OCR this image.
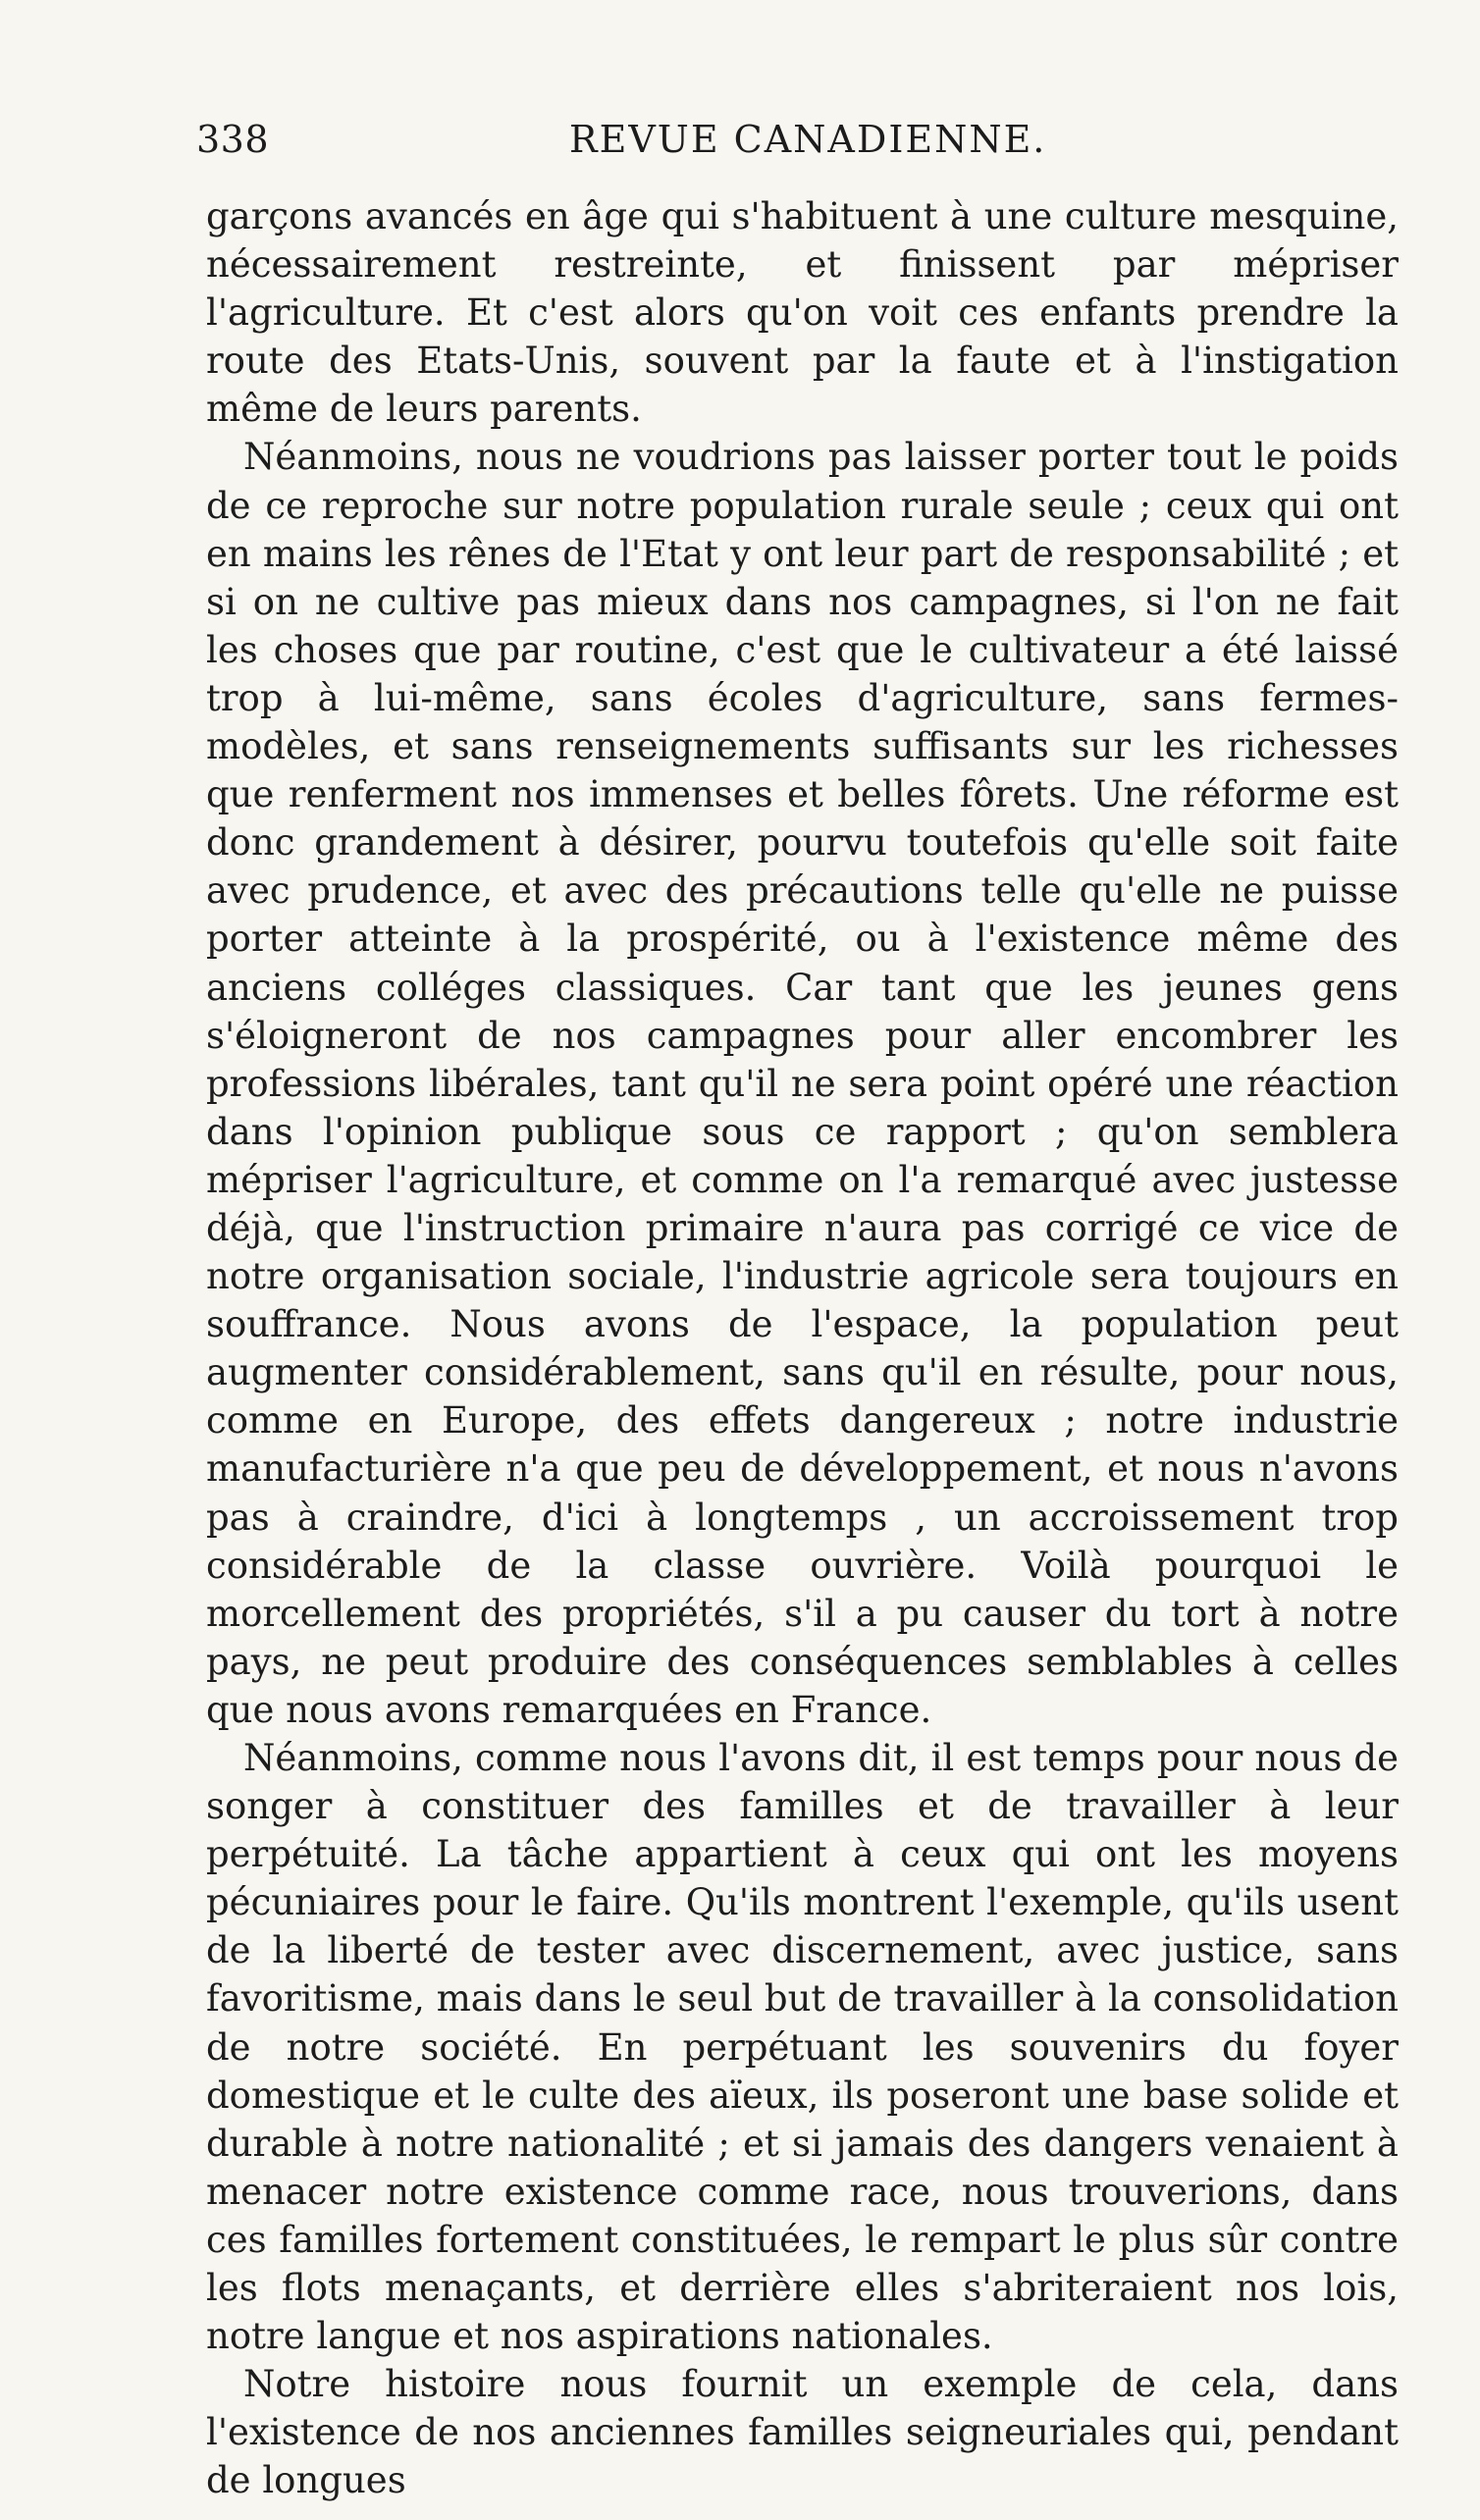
338	REVUE CANADIENNE.

garçons avancés en âge qui s'habituent à une culture mesquine, nécessairement restreinte, et finissent par mépriser l'agriculture. Et c'est alors qu'on voit ces enfants prendre la route des Etats-Unis, souvent par la faute et à l'instigation même de leurs parents.

Néanmoins, nous ne voudrions pas laisser porter tout le poids de ce reproche sur notre population rurale seule ; ceux qui ont en mains les rênes de l'Etat y ont leur part de responsabilité ; et si on ne cultive pas mieux dans nos campagnes, si l'on ne fait les choses que par routine, c'est que le cultivateur a été laissé trop à lui-même, sans écoles d'agriculture, sans fermes-modèles, et sans renseignements suffisants sur les richesses que renferment nos immenses et belles fôrets. Une réforme est donc grandement à désirer, pourvu toutefois qu'elle soit faite avec prudence, et avec des précautions telle qu'elle ne puisse porter atteinte à la prospérité, ou à l'existence même des anciens colléges classiques. Car tant que les jeunes gens s'éloigneront de nos campagnes pour aller encombrer les professions libérales, tant qu'il ne sera point opéré une réaction dans l'opinion publique sous ce rapport ; qu'on semblera mépriser l'agriculture, et comme on l'a remarqué avec justesse déjà, que l'instruction primaire n'aura pas corrigé ce vice de notre organisation sociale, l'industrie agricole sera toujours en souffrance. Nous avons de l'espace, la population peut augmenter considérablement, sans qu'il en résulte, pour nous, comme en Europe, des effets dangereux ; notre industrie manufacturière n'a que peu de développement, et nous n'avons pas à craindre, d'ici à longtemps , un accroissement trop considérable de la classe ouvrière. Voilà pourquoi le morcellement des propriétés, s'il a pu causer du tort à notre pays, ne peut produire des conséquences semblables à celles que nous avons remarquées en France.

Néanmoins, comme nous l'avons dit, il est temps pour nous de songer à constituer des familles et de travailler à leur perpétuité. La tâche appartient à ceux qui ont les moyens pécuniaires pour le faire. Qu'ils montrent l'exemple, qu'ils usent de la liberté de tester avec discernement, avec justice, sans favoritisme, mais dans le seul but de travailler à la consolidation de notre société. En perpétuant les souvenirs du foyer domestique et le culte des aïeux, ils poseront une base solide et durable à notre nationalité ; et si jamais des dangers venaient à menacer notre existence comme race, nous trouverions, dans ces familles fortement constituées, le rempart le plus sûr contre les flots menaçants, et derrière elles s'abriteraient nos lois, notre langue et nos aspirations nationales.

Notre histoire nous fournit un exemple de cela, dans l'existence de nos anciennes familles seigneuriales qui, pendant de longues
